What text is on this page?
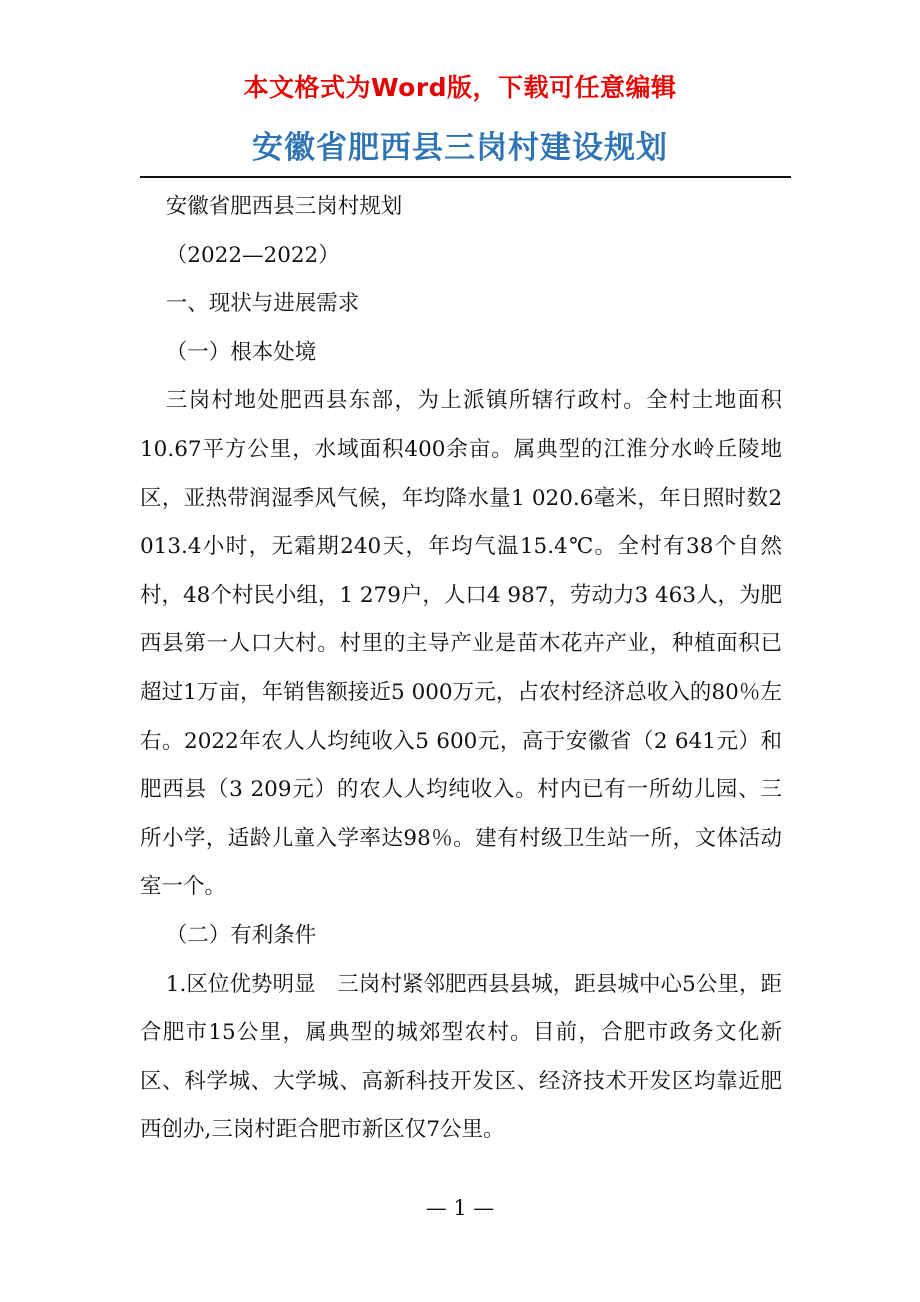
本文格式为Word版，下载可任意编辑
安徽省肥西县三岗村建设规划

安徽省肥西县三岗村规划

（2022—2022）

一、现状与进展需求

（一）根本处境

三岗村地处肥西县东部，为上派镇所辖行政村。全村土地面积10.67平方公里，水域面积400余亩。属典型的江淮分水岭丘陵地区，亚热带润湿季风气候，年均降水量1 020.6毫米，年日照时数2 013.4小时，无霜期240天，年均气温15.4℃。全村有38个自然村，48个村民小组，1 279户，人口4 987，劳动力3 463人，为肥西县第一人口大村。村里的主导产业是苗木花卉产业，种植面积已超过1万亩，年销售额接近5 000万元，占农村经济总收入的80％左右。2022年农人人均纯收入5 600元，高于安徽省（2 641元）和肥西县（3 209元）的农人人均纯收入。村内已有一所幼儿园、三所小学，适龄儿童入学率达98％。建有村级卫生站一所，文体活动室一个。

（二）有利条件

1.区位优势明显　三岗村紧邻肥西县县城，距县城中心5公里，距合肥市15公里，属典型的城郊型农村。目前，合肥市政务文化新区、科学城、大学城、高新科技开发区、经济技术开发区均靠近肥西创办,三岗村距合肥市新区仅7公里。

— 1 —
